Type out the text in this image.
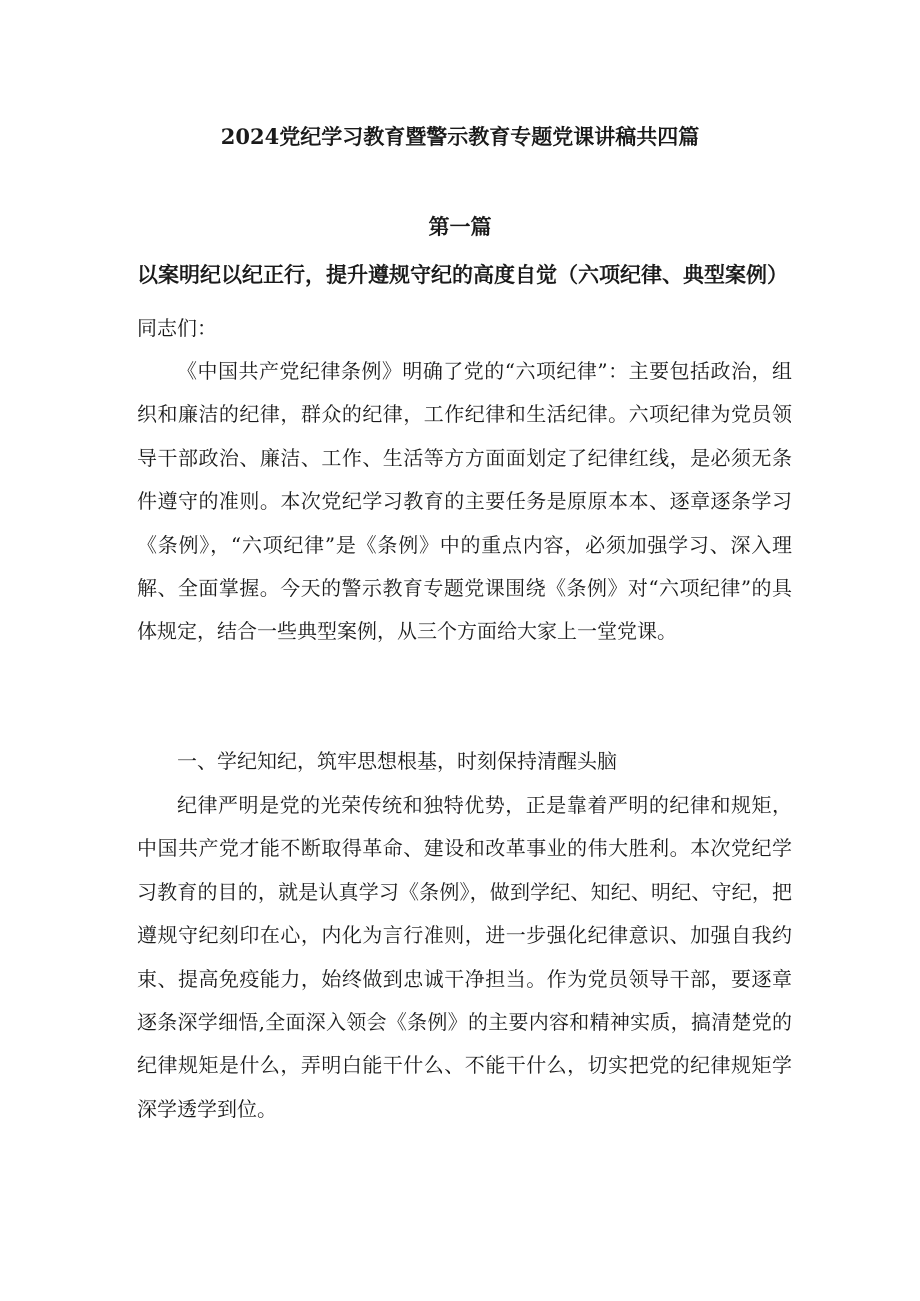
2024党纪学习教育暨警示教育专题党课讲稿共四篇
第一篇
以案明纪以纪正行，提升遵规守纪的高度自觉（六项纪律、典型案例）

同志们：

《中国共产党纪律条例》明确了党的“六项纪律”：主要包括政治，组织和廉洁的纪律，群众的纪律，工作纪律和生活纪律。六项纪律为党员领导干部政治、廉洁、工作、生活等方方面面划定了纪律红线，是必须无条件遵守的准则。本次党纪学习教育的主要任务是原原本本、逐章逐条学习《条例》，“六项纪律”是《条例》中的重点内容，必须加强学习、深入理解、全面掌握。今天的警示教育专题党课围绕《条例》对“六项纪律”的具体规定，结合一些典型案例，从三个方面给大家上一堂党课。

一、学纪知纪，筑牢思想根基，时刻保持清醒头脑

纪律严明是党的光荣传统和独特优势，正是靠着严明的纪律和规矩，中国共产党才能不断取得革命、建设和改革事业的伟大胜利。本次党纪学习教育的目的，就是认真学习《条例》，做到学纪、知纪、明纪、守纪，把遵规守纪刻印在心，内化为言行准则，进一步强化纪律意识、加强自我约束、提高免疫能力，始终做到忠诚干净担当。作为党员领导干部，要逐章逐条深学细悟,全面深入领会《条例》的主要内容和精神实质，搞清楚党的纪律规矩是什么，弄明白能干什么、不能干什么，切实把党的纪律规矩学深学透学到位。
